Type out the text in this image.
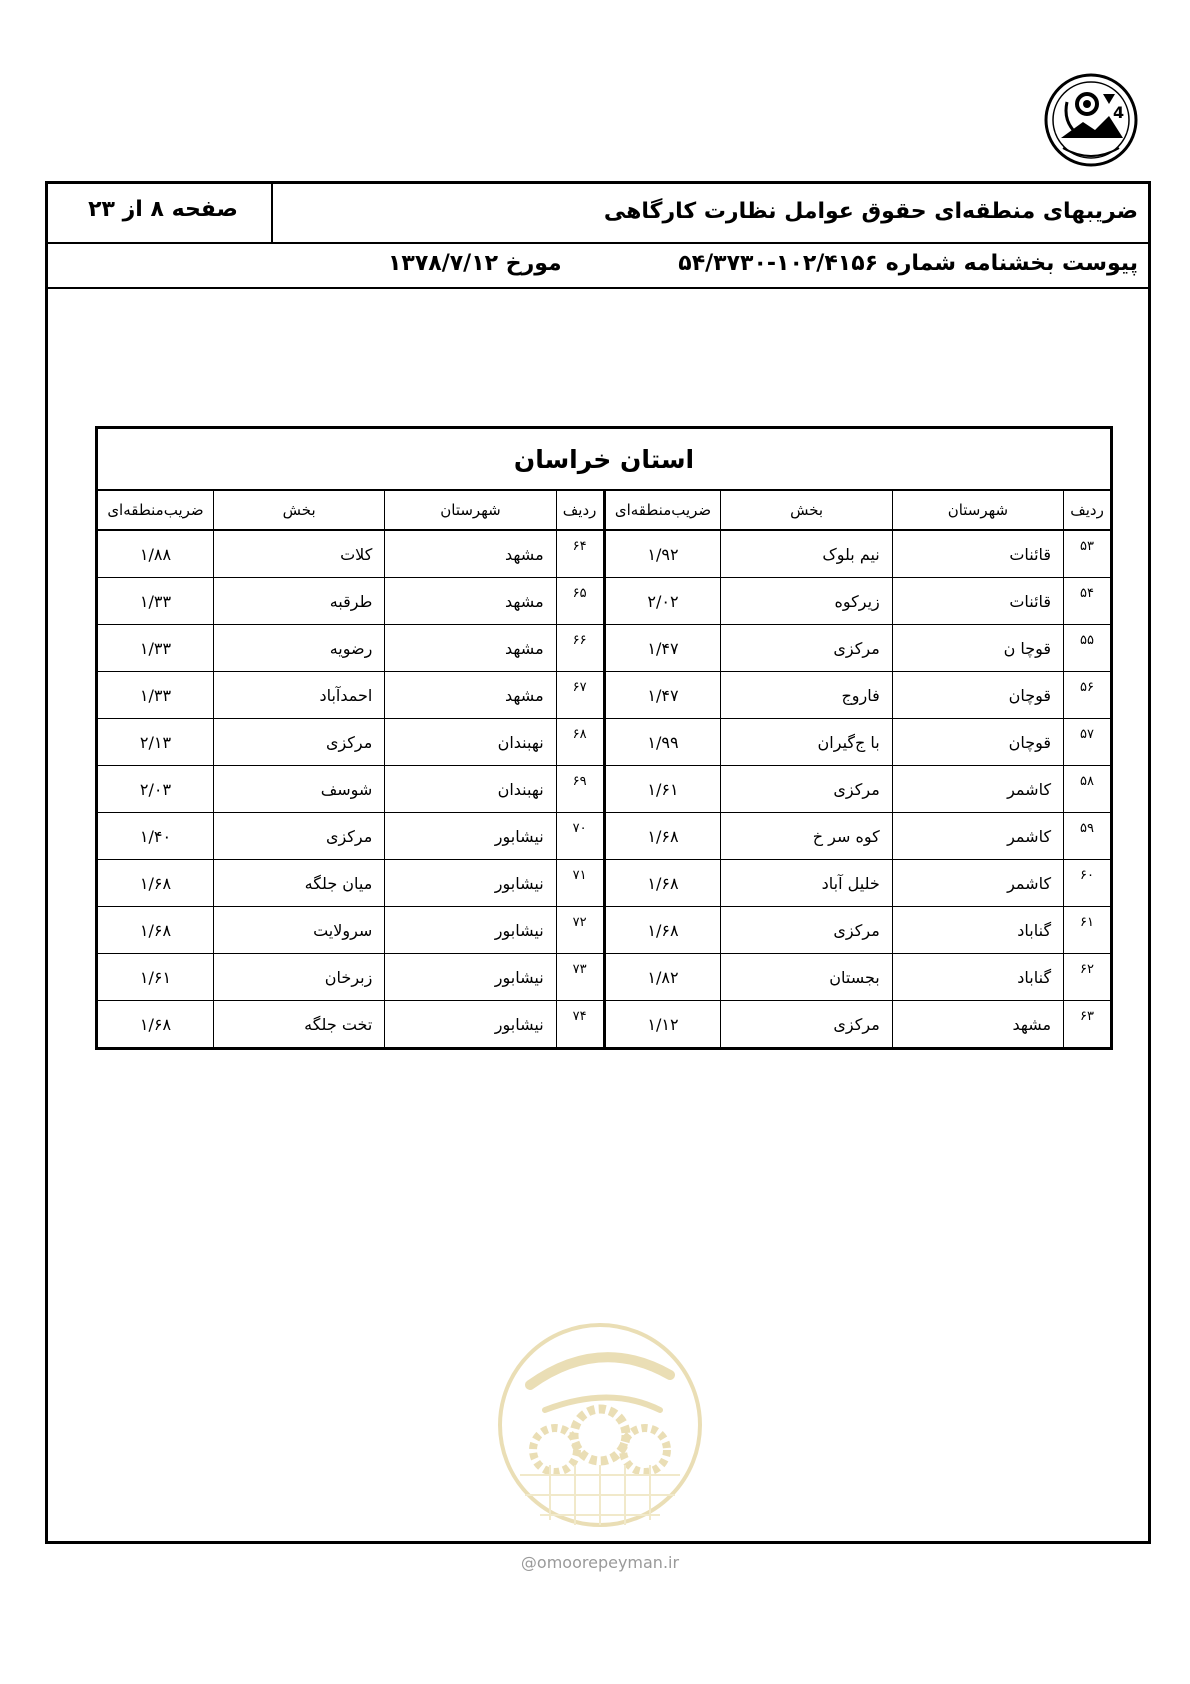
4
صفحه ۸ از ۲۳	ضریبهای منطقه‌ای حقوق عوامل نظارت کارگاهی
پیوست بخشنامه شماره ۱۰۲/۴۱۵۶-۵۴/۳۷۳۰
مورخ ۱۳۷۸/۷/۱۲
استان خراسان							
ردیف	شهرستان	بخش	ضریب‌منطقه‌ای	ردیف	شهرستان	بخش	ضریب‌منطقه‌ای
۵۳	قائنات	نیم بلوک	۱/۹۲	۶۴	مشهد	کلات	۱/۸۸
۵۴	قائنات	زیرکوه	۲/۰۲	۶۵	مشهد	طرقبه	۱/۳۳
۵۵	قوچا ن	مرکزی	۱/۴۷	۶۶	مشهد	رضویه	۱/۳۳
۵۶	قوچان	فاروج	۱/۴۷	۶۷	مشهد	احمدآباد	۱/۳۳
۵۷	قوچان	با ج‌گیران	۱/۹۹	۶۸	نهبندان	مرکزی	۲/۱۳
۵۸	کاشمر	مرکزی	۱/۶۱	۶۹	نهبندان	شوسف	۲/۰۳
۵۹	کاشمر	کوه سر خ	۱/۶۸	۷۰	نیشابور	مرکزی	۱/۴۰
۶۰	کاشمر	خلیل آباد	۱/۶۸	۷۱	نیشابور	میان جلگه	۱/۶۸
۶۱	گناباد	مرکزی	۱/۶۸	۷۲	نیشابور	سرولایت	۱/۶۸
۶۲	گناباد	بجستان	۱/۸۲	۷۳	نیشابور	زبرخان	۱/۶۱
۶۳	مشهد	مرکزی	۱/۱۲	۷۴	نیشابور	تخت جلگه	۱/۶۸
@omoorepeyman.ir
